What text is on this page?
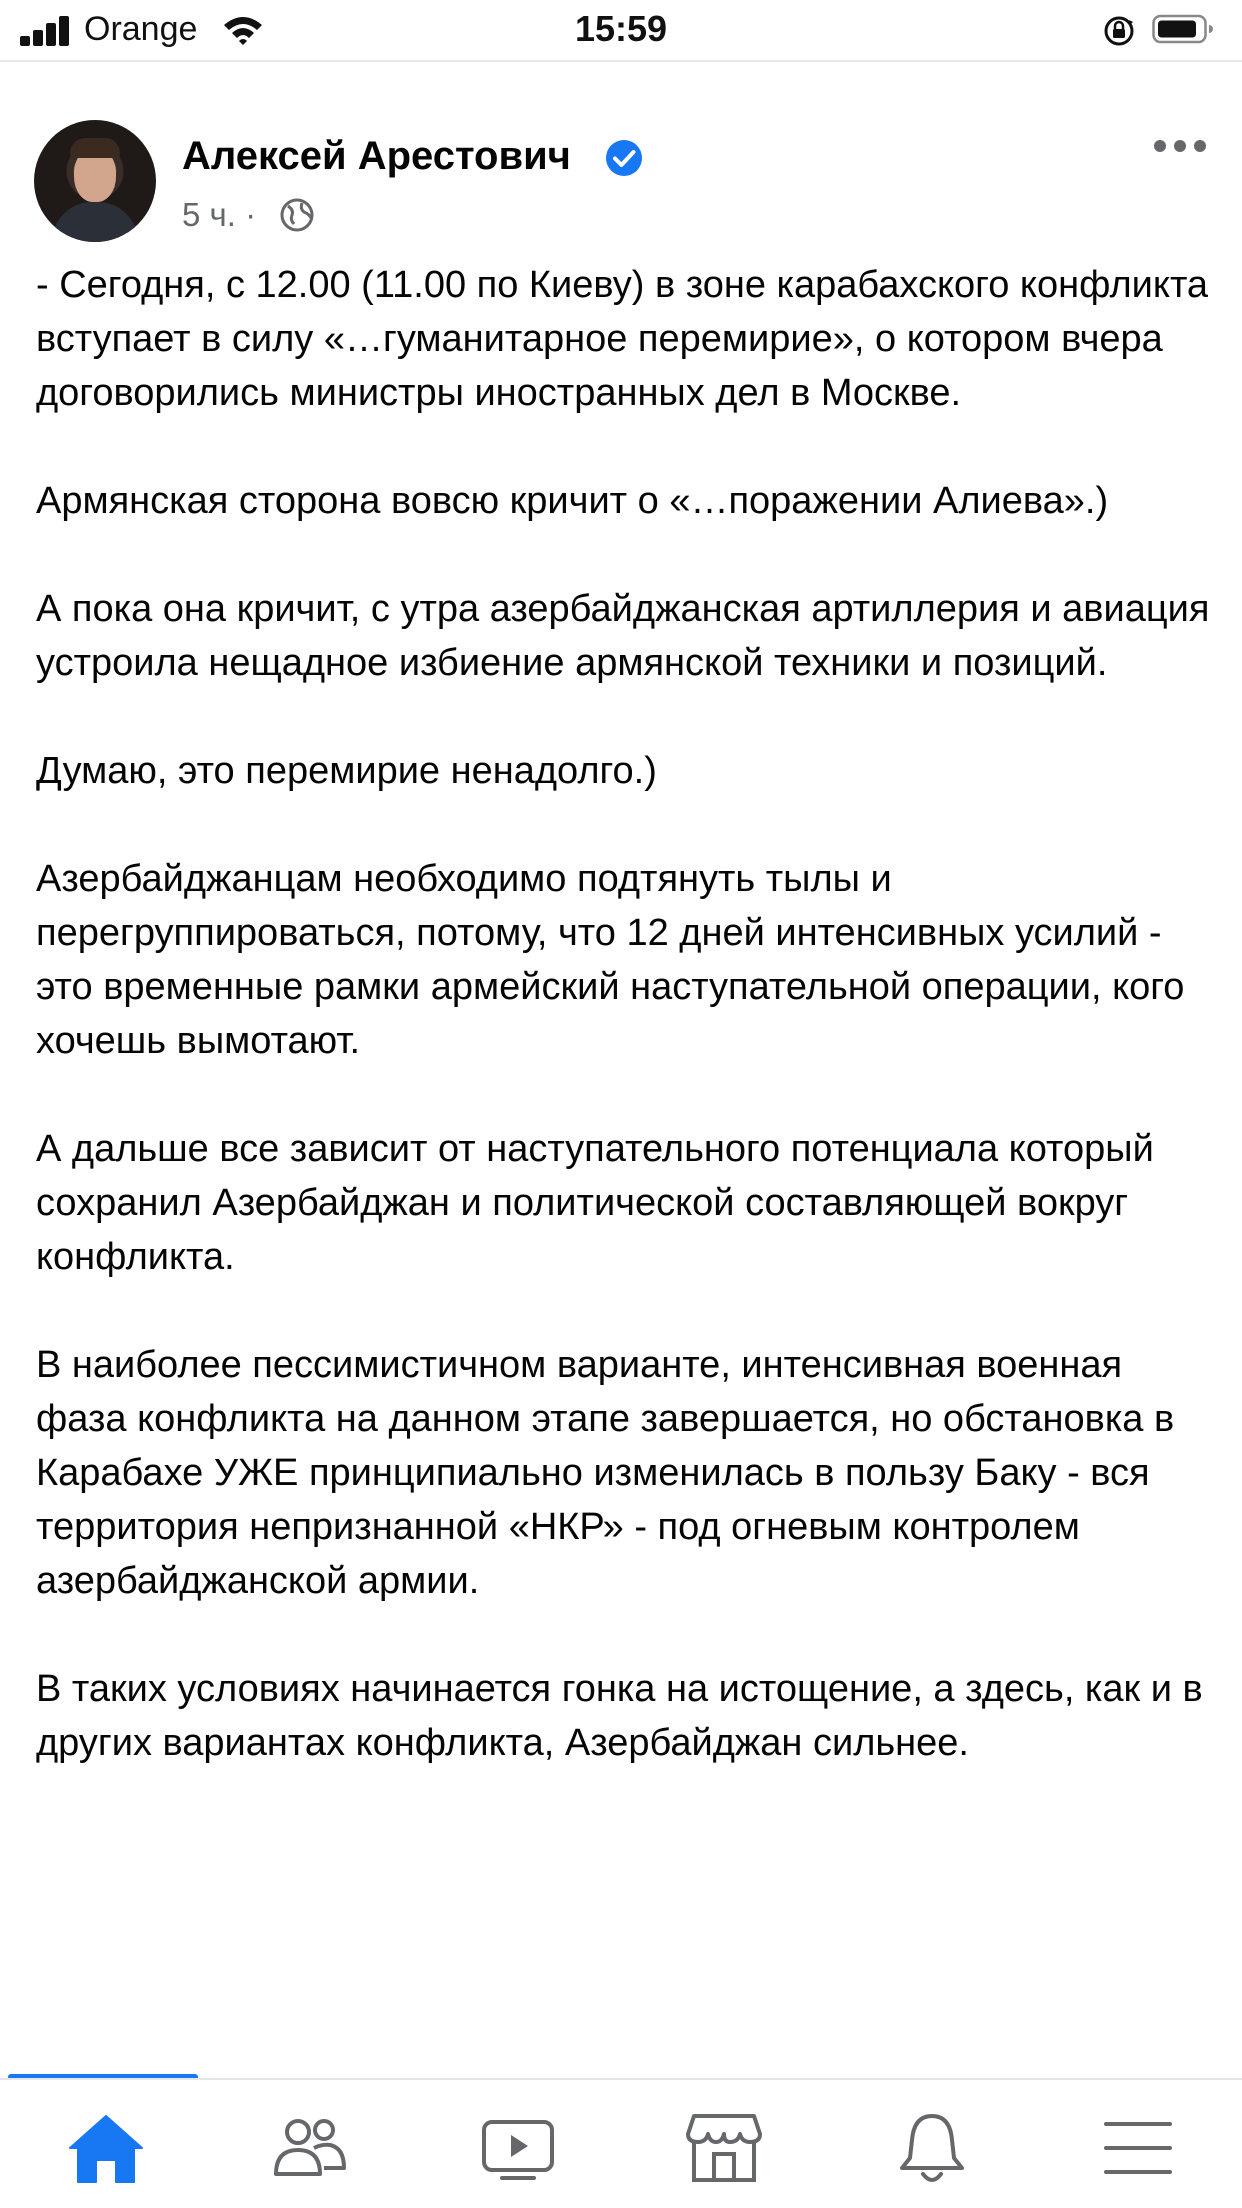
Orange	15:59
Алексей Арестович
5 ч. ·

- Сегодня, с 12.00 (11.00 по Киеву) в зоне карабахского конфликта вступает в силу «…гуманитарное перемирие», о котором вчера договорились министры иностранных дел в Москве.

Армянская сторона вовсю кричит о «…поражении Алиева».)

А пока она кричит, с утра азербайджанская артиллерия и авиация устроила нещадное избиение армянской техники и позиций.

Думаю, это перемирие ненадолго.)

Азербайджанцам необходимо подтянуть тылы и перегруппироваться, потому, что 12 дней интенсивных усилий - это временные рамки армейский наступательной операции, кого хочешь вымотают.

А дальше все зависит от наступательного потенциала который сохранил Азербайджан и политической составляющей вокруг конфликта.

В наиболее пессимистичном варианте, интенсивная военная фаза конфликта на данном этапе завершается, но обстановка в Карабахе УЖЕ принципиально изменилась в пользу Баку - вся территория непризнанной «НКР» - под огневым контролем азербайджанской армии.

В таких условиях начинается гонка на истощение, а здесь, как и в других вариантах конфликта, Азербайджан сильнее.
